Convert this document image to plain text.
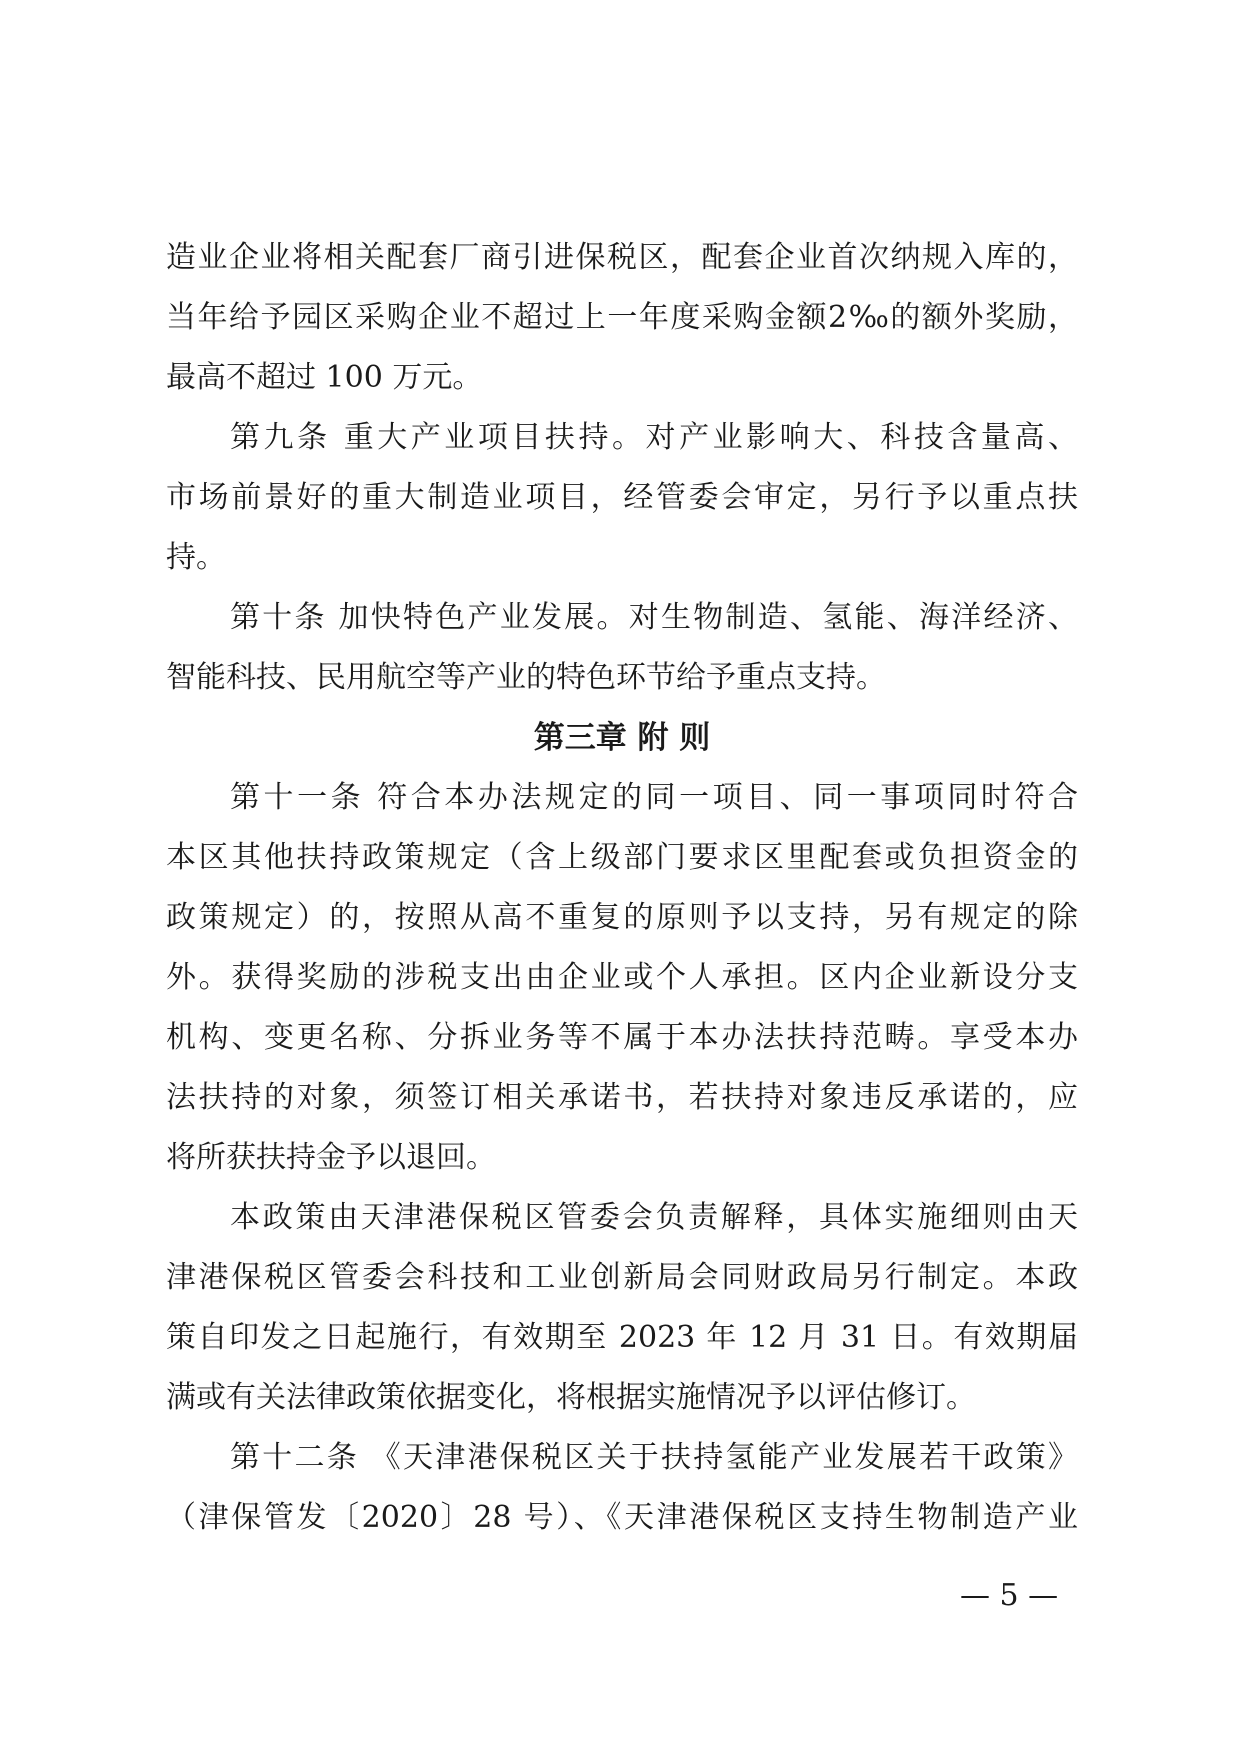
造业企业将相关配套厂商引进保税区，配套企业首次纳规入库的，
当年给予园区采购企业不超过上一年度采购金额2‰的额外奖励，
最高不超过 100 万元。
第九条 重大产业项目扶持。对产业影响大、科技含量高、
市场前景好的重大制造业项目，经管委会审定，另行予以重点扶
持。
第十条 加快特色产业发展。对生物制造、氢能、海洋经济、
智能科技、民用航空等产业的特色环节给予重点支持。
第三章 附 则
第十一条 符合本办法规定的同一项目、同一事项同时符合
本区其他扶持政策规定（含上级部门要求区里配套或负担资金的
政策规定）的，按照从高不重复的原则予以支持，另有规定的除
外。获得奖励的涉税支出由企业或个人承担。区内企业新设分支
机构、变更名称、分拆业务等不属于本办法扶持范畴。享受本办
法扶持的对象，须签订相关承诺书，若扶持对象违反承诺的，应
将所获扶持金予以退回。
本政策由天津港保税区管委会负责解释，具体实施细则由天
津港保税区管委会科技和工业创新局会同财政局另行制定。本政
策自印发之日起施行，有效期至 2023 年 12 月 31 日。有效期届
满或有关法律政策依据变化，将根据实施情况予以评估修订。
第十二条 《天津港保税区关于扶持氢能产业发展若干政策》
（津保管发〔2020〕28 号）、《天津港保税区支持生物制造产业
— 5 —
